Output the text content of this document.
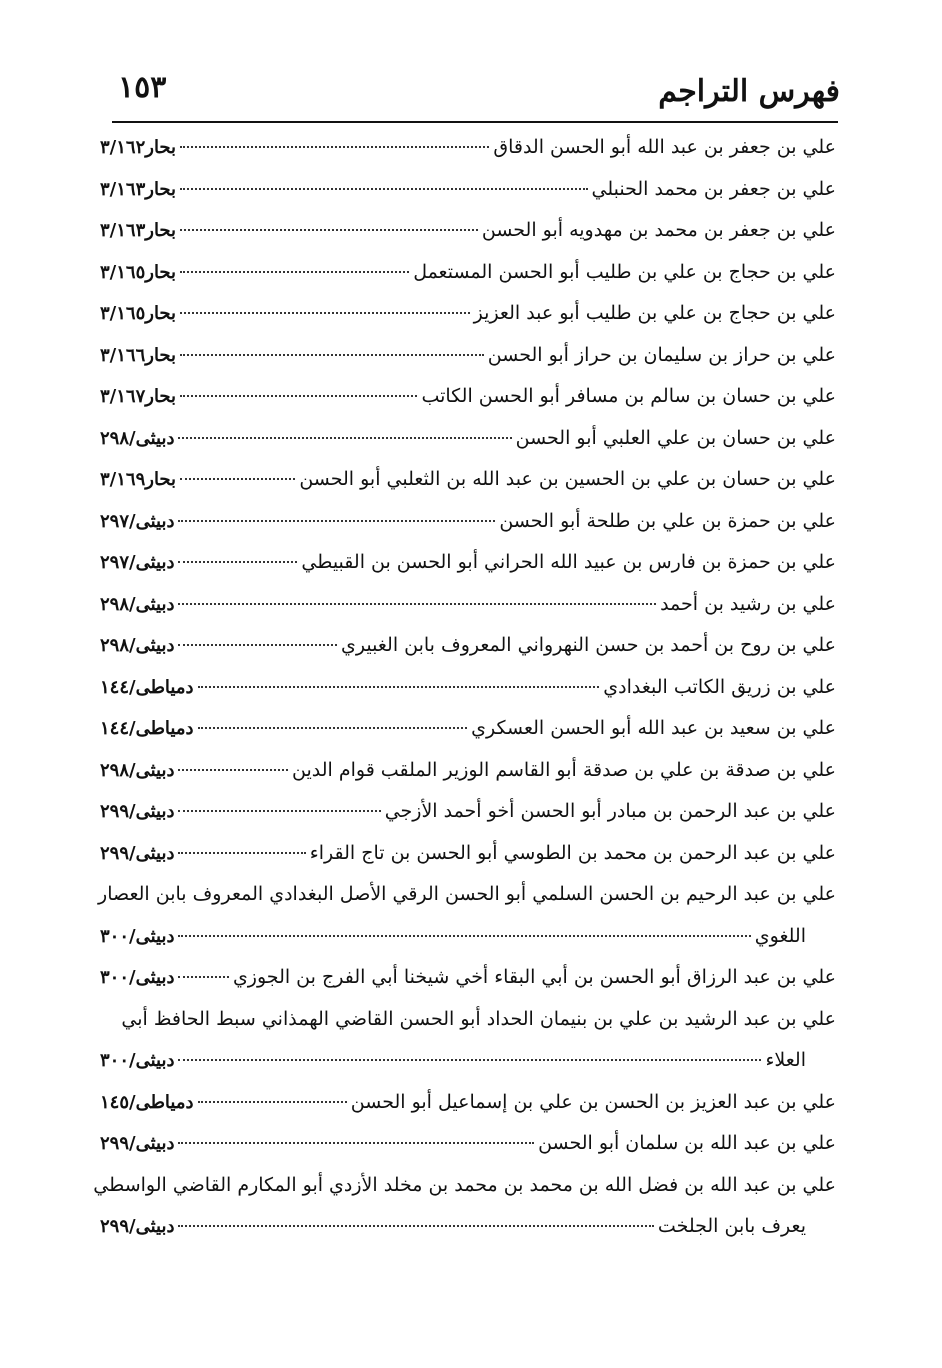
فهرس التراجم
١٥٣
علي بن جعفر بن عبد الله أبو الحسن الدقاق
بحار٣/١٦٢
علي بن جعفر بن محمد الحنبلي
بحار٣/١٦٣
علي بن جعفر بن محمد بن مهدويه أبو الحسن
بحار٣/١٦٣
علي بن حجاج بن علي بن طليب أبو الحسن المستعمل
بحار٣/١٦٥
علي بن حجاج بن علي بن طليب أبو عبد العزيز
بحار٣/١٦٥
علي بن حراز بن سليمان بن حراز أبو الحسن
بحار٣/١٦٦
علي بن حسان بن سالم بن مسافر أبو الحسن الكاتب
بحار٣/١٦٧
علي بن حسان بن علي العلبي أبو الحسن
دبيثى/٢٩٨
علي بن حسان بن علي بن الحسين بن عبد الله بن الثعلبي أبو الحسن
بحار٣/١٦٩
علي بن حمزة بن علي بن طلحة أبو الحسن
دبيثى/٢٩٧
علي بن حمزة بن فارس بن عبيد الله الحراني أبو الحسن بن القبيطي
دبيثى/٢٩٧
علي بن رشيد بن أحمد
دبيثى/٢٩٨
علي بن روح بن أحمد بن حسن النهرواني المعروف بابن الغبيري
دبيثى/٢٩٨
علي بن زريق الكاتب البغدادي
دمياطى/١٤٤
علي بن سعيد بن عبد الله أبو الحسن العسكري
دمياطى/١٤٤
علي بن صدقة بن علي بن صدقة أبو القاسم الوزير الملقب قوام الدين
دبيثى/٢٩٨
علي بن عبد الرحمن بن مبادر أبو الحسن أخو أحمد الأزجي
دبيثى/٢٩٩
علي بن عبد الرحمن بن محمد بن الطوسي أبو الحسن بن تاج القراء
دبيثى/٢٩٩
علي بن عبد الرحيم بن الحسن السلمي أبو الحسن الرقي الأصل البغدادي المعروف بابن العصار
اللغوي
دبيثى/٣٠٠
علي بن عبد الرزاق أبو الحسن بن أبي البقاء أخي شيخنا أبي الفرج بن الجوزي
دبيثى/٣٠٠
علي بن عبد الرشيد بن علي بن بنيمان الحداد أبو الحسن القاضي الهمذاني سبط الحافظ أبي
العلاء
دبيثى/٣٠٠
علي بن عبد العزيز بن الحسن بن علي بن إسماعيل أبو الحسن
دمياطى/١٤٥
علي بن عبد الله بن سلمان أبو الحسن
دبيثى/٢٩٩
علي بن عبد الله بن فضل الله بن محمد بن محمد بن مخلد الأزدي أبو المكارم القاضي الواسطي
يعرف بابن الجلخت
دبيثى/٢٩٩
